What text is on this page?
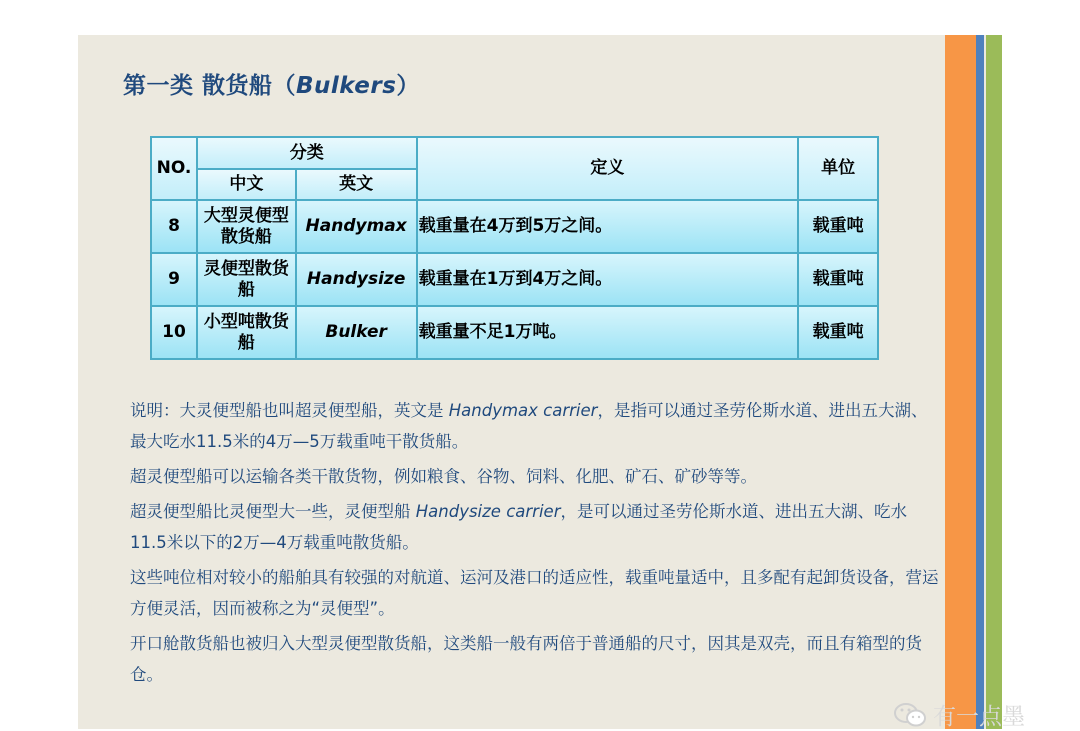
第一类 散货船（Bulkers）
NO.	分类		定义	单位
	中文	英文		
8	大型灵便型散货船	Handymax	载重量在4万到5万之间。	载重吨
9	灵便型散货船	Handysize	载重量在1万到4万之间。	载重吨
10	小型吨散货船	Bulker	载重量不足1万吨。	载重吨

说明：大灵便型船也叫超灵便型船，英文是 Handymax carrier，是指可以通过圣劳伦斯水道、进出五大湖、最大吃水11.5米的4万—5万载重吨干散货船。

超灵便型船可以运输各类干散货物，例如粮食、谷物、饲料、化肥、矿石、矿砂等等。

超灵便型船比灵便型大一些，灵便型船 Handysize carrier，是可以通过圣劳伦斯水道、进出五大湖、吃水11.5米以下的2万—4万载重吨散货船。

这些吨位相对较小的船舶具有较强的对航道、运河及港口的适应性，载重吨量适中，且多配有起卸货设备，营运方便灵活，因而被称之为“灵便型”。

开口舱散货船也被归入大型灵便型散货船，这类船一般有两倍于普通船的尺寸，因其是双壳，而且有箱型的货仓。

有一点墨
